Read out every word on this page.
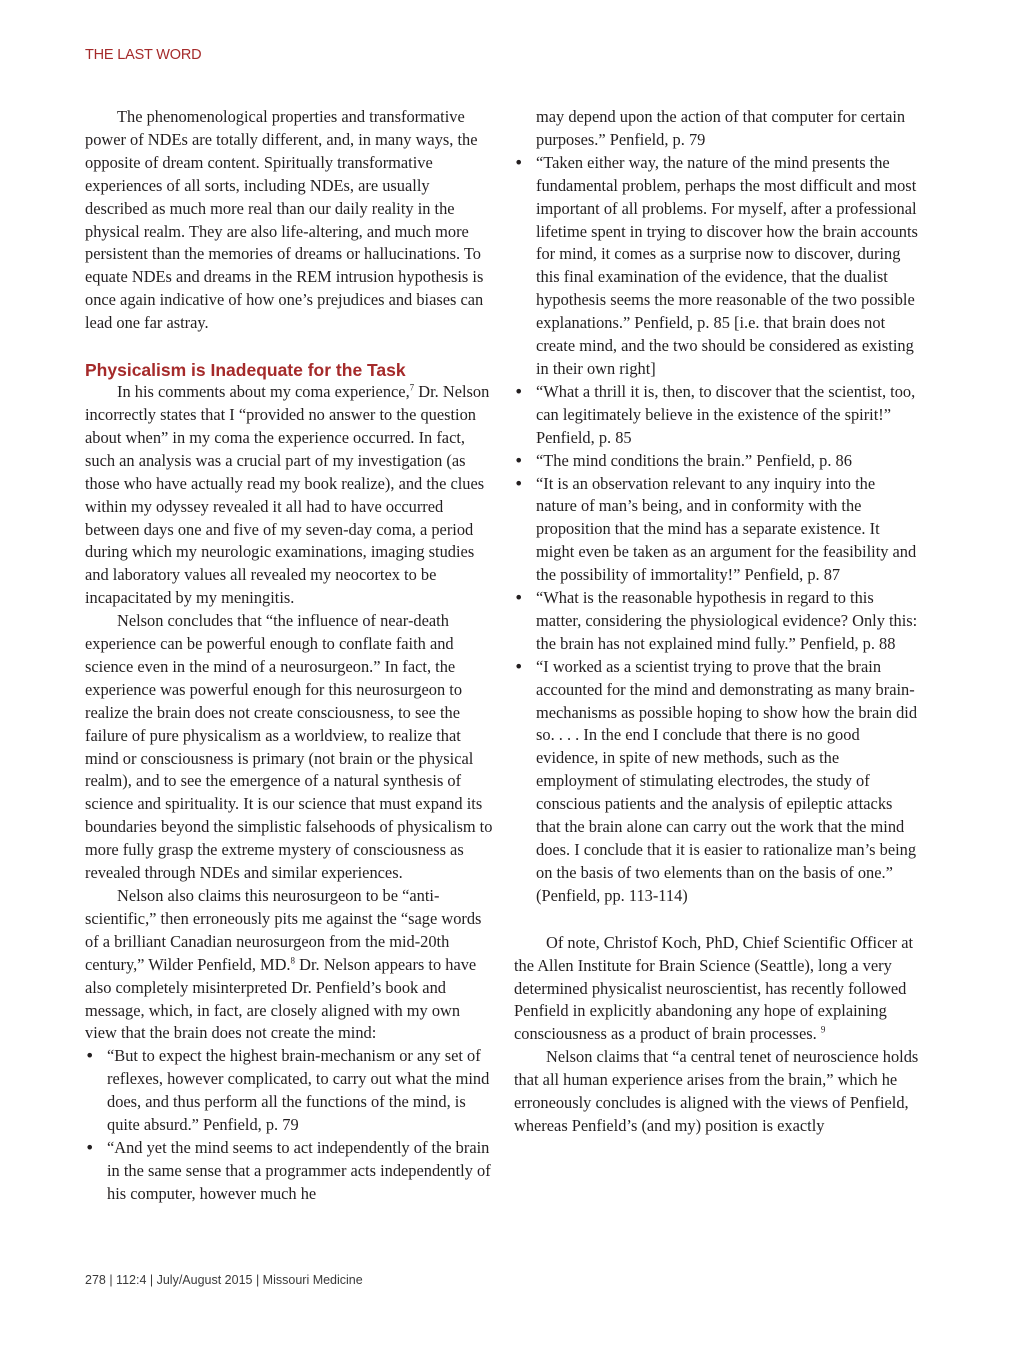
THE LAST WORD

The phenomenological properties and transformative power of NDEs are totally different, and, in many ways, the opposite of dream content. Spiritually transformative experiences of all sorts, including NDEs, are usually described as much more real than our daily reality in the physical realm. They are also life-altering, and much more persistent than the memories of dreams or hallucinations. To equate NDEs and dreams in the REM intrusion hypothesis is once again indicative of how one’s prejudices and biases can lead one far astray.

Physicalism is Inadequate for the Task

In his comments about my coma experience,$^7$ Dr. Nelson incorrectly states that I “provided no answer to the question about when” in my coma the experience occurred. In fact, such an analysis was a crucial part of my investigation (as those who have actually read my book realize), and the clues within my odyssey revealed it all had to have occurred between days one and five of my seven-day coma, a period during which my neurologic examinations, imaging studies and laboratory values all revealed my neocortex to be incapacitated by my meningitis.

Nelson concludes that “the influence of near-death experience can be powerful enough to conflate faith and science even in the mind of a neurosurgeon.” In fact, the experience was powerful enough for this neurosurgeon to realize the brain does not create consciousness, to see the failure of pure physicalism as a worldview, to realize that mind or consciousness is primary (not brain or the physical realm), and to see the emergence of a natural synthesis of science and spirituality. It is our science that must expand its boundaries beyond the simplistic falsehoods of physicalism to more fully grasp the extreme mystery of consciousness as revealed through NDEs and similar experiences.

Nelson also claims this neurosurgeon to be “anti-scientific,” then erroneously pits me against the “sage words of a brilliant Canadian neurosurgeon from the mid-20th century,” Wilder Penfield, MD.$^8$ Dr. Nelson appears to have also completely misinterpreted Dr. Penfield’s book and message, which, in fact, are closely aligned with my own view that the brain does not create the mind:

• “But to expect the highest brain-mechanism or any set of reflexes, however complicated, to carry out what the mind does, and thus perform all the functions of the mind, is quite absurd.” Penfield, p. 79
• “And yet the mind seems to act independently of the brain in the same sense that a programmer acts independently of his computer, however much he

may depend upon the action of that computer for certain purposes.” Penfield, p. 79

• “Taken either way, the nature of the mind presents the fundamental problem, perhaps the most difficult and most important of all problems. For myself, after a professional lifetime spent in trying to discover how the brain accounts for mind, it comes as a surprise now to discover, during this final examination of the evidence, that the dualist hypothesis seems the more reasonable of the two possible explanations.” Penfield, p. 85 [i.e. that brain does not create mind, and the two should be considered as existing in their own right]
• “What a thrill it is, then, to discover that the scientist, too, can legitimately believe in the existence of the spirit!” Penfield, p. 85
• “The mind conditions the brain.” Penfield, p. 86
• “It is an observation relevant to any inquiry into the nature of man’s being, and in conformity with the proposition that the mind has a separate existence. It might even be taken as an argument for the feasibility and the possibility of immortality!” Penfield, p. 87
• “What is the reasonable hypothesis in regard to this matter, considering the physiological evidence? Only this: the brain has not explained mind fully.” Penfield, p. 88
• “I worked as a scientist trying to prove that the brain accounted for the mind and demonstrating as many brain-mechanisms as possible hoping to show how the brain did so. . . . In the end I conclude that there is no good evidence, in spite of new methods, such as the employment of stimulating electrodes, the study of conscious patients and the analysis of epileptic attacks that the brain alone can carry out the work that the mind does. I conclude that it is easier to rationalize man’s being on the basis of two elements than on the basis of one.” (Penfield, pp. 113-114)

Of note, Christof Koch, PhD, Chief Scientific Officer at the Allen Institute for Brain Science (Seattle), long a very determined physicalist neuroscientist, has recently followed Penfield in explicitly abandoning any hope of explaining consciousness as a product of brain processes. $^9$

Nelson claims that “a central tenet of neuroscience holds that all human experience arises from the brain,” which he erroneously concludes is aligned with the views of Penfield, whereas Penfield’s (and my) position is exactly

278 | 112:4 | July/August 2015 | Missouri Medicine
